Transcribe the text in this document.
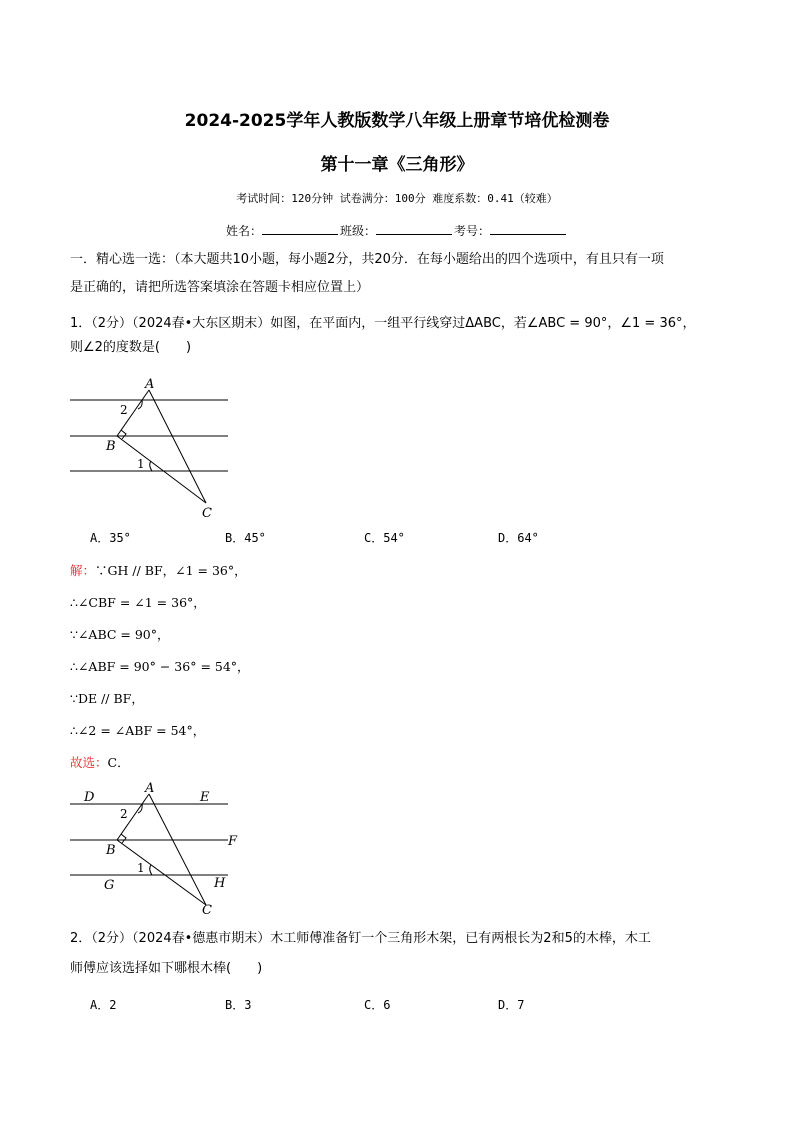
2024-2025学年人教版数学八年级上册章节培优检测卷
第十一章《三角形》
考试时间：120分钟 试卷满分：100分 难度系数：0.41（较难）
姓名：	班级：	考号：
一．精心选一选：（本大题共10小题，每小题2分，共20分．在每小题给出的四个选项中，有且只有一项
是正确的，请把所选答案填涂在答题卡相应位置上）
1．（2分）（2024春•大东区期末）如图，在平面内，一组平行线穿过ΔABC，若∠ABC = 90°，∠1 = 36°，
则∠2的度数是(　　)
A
B
C
2
1
A．35°	B．45°	C．54°	D．64°
解：∵GH // BF，∠1 = 36°，
∴∠CBF = ∠1 = 36°，
∵∠ABC = 90°，
∴∠ABF = 90° − 36° = 54°，
∵DE // BF，
∴∠2 = ∠ABF = 54°，
故选：C．
A
D	E
B
F
G	H
C
2
1
2．（2分）（2024春•德惠市期末）木工师傅准备钉一个三角形木架，已有两根长为2和5的木棒，木工
师傅应该选择如下哪根木棒(　　)
A．2	B．3	C．6	D．7
